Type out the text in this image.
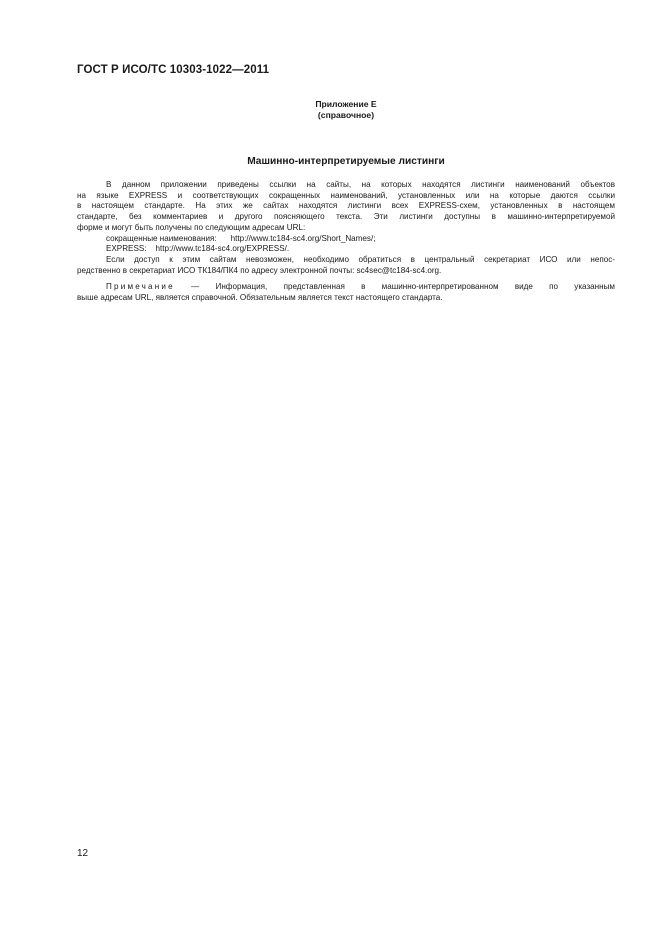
ГОСТ Р ИСО/ТС 10303-1022—2011
Приложение Е
(справочное)
Машинно-интерпретируемые листинги

В данном приложении приведены ссылки на сайты, на которых находятся листинги наименований объектов
на языке EXPRESS и соответствующих сокращенных наименований, установленных или на которые даются ссылки
в настоящем стандарте. На этих же сайтах находятся листинги всех EXPRESS-схем, установленных в настоящем
стандарте, без комментариев и другого поясняющего текста. Эти листинги доступны в машинно-интерпретируемой
форме и могут быть получены по следующим адресам URL:

сокращенные наименования: http://www.tc184-sc4.org/Short_Names/;

EXPRESS: http://www.tc184-sc4.org/EXPRESS/.

Если доступ к этим сайтам невозможен, необходимо обратиться в центральный секретариат ИСО или непос-
редственно в секретариат ИСО ТК184/ПК4 по адресу электронной почты: sc4sec@tc184-sc4.org.

Примечание — Информация, представленная в машинно-интерпретированном виде по указанным
выше адресам URL, является справочной. Обязательным является текст настоящего стандарта.

12
